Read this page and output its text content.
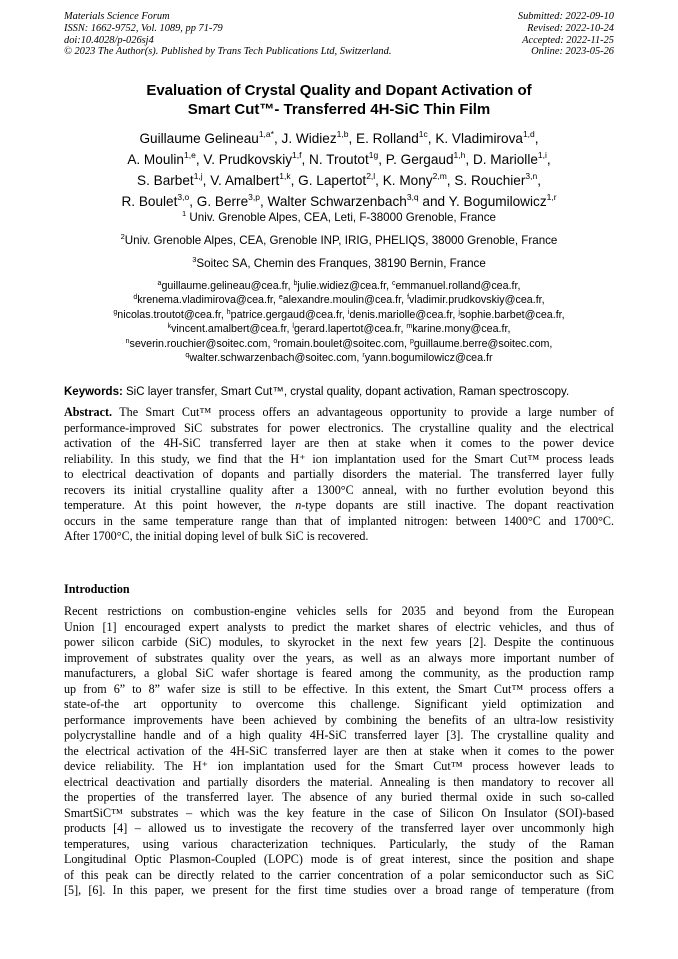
Materials Science Forum
ISSN: 1662-9752, Vol. 1089, pp 71-79
doi:10.4028/p-026sj4
© 2023 The Author(s). Published by Trans Tech Publications Ltd, Switzerland.
Submitted: 2022-09-10
Revised: 2022-10-24
Accepted: 2022-11-25
Online: 2023-05-26
Evaluation of Crystal Quality and Dopant Activation of
Smart Cut™- Transferred 4H-SiC Thin Film
Guillaume Gelineau$^{1,a*}$, J. Widiez$^{1,b}$, E. Rolland$^{1c}$, K. Vladimirova$^{1,d}$,
A. Moulin$^{1,e}$, V. Prudkovskiy$^{1,f}$, N. Troutot$^{1g}$, P. Gergaud$^{1,h}$, D. Mariolle$^{1,i}$,
S. Barbet$^{1,j}$, V. Amalbert$^{1,k}$, G. Lapertot$^{2,l}$, K. Mony$^{2,m}$, S. Rouchier$^{3,n}$,
R. Boulet$^{3,o}$, G. Berre$^{3,p}$, Walter Schwarzenbach$^{3,q}$ and Y. Bogumilowicz$^{1,r}$
$^1$ Univ. Grenoble Alpes, CEA, Leti, F-38000 Grenoble, France
$^2$Univ. Grenoble Alpes, CEA, Grenoble INP, IRIG, PHELIQS, 38000 Grenoble, France
$^3$Soitec SA, Chemin des Franques, 38190 Bernin, France
$^a$guillaume.gelineau@cea.fr, $^b$julie.widiez@cea.fr, $^c$emmanuel.rolland@cea.fr,
$^d$krenema.vladimirova@cea.fr, $^e$alexandre.moulin@cea.fr, $^f$vladimir.prudkovskiy@cea.fr,
$^g$nicolas.troutot@cea.fr, $^h$patrice.gergaud@cea.fr, $^i$denis.mariolle@cea.fr, $^j$sophie.barbet@cea.fr,
$^k$vincent.amalbert@cea.fr, $^l$gerard.lapertot@cea.fr, $^m$karine.mony@cea.fr,
$^n$severin.rouchier@soitec.com, $^o$romain.boulet@soitec.com, $^p$guillaume.berre@soitec.com,
$^q$walter.schwarzenbach@soitec.com, $^r$yann.bogumilowicz@cea.fr
Keywords: SiC layer transfer, Smart Cut™, crystal quality, dopant activation, Raman spectroscopy.
Abstract. The Smart Cut™ process offers an advantageous opportunity to provide a large number of
performance-improved SiC substrates for power electronics. The crystalline quality and the electrical
activation of the 4H-SiC transferred layer are then at stake when it comes to the power device
reliability. In this study, we find that the H⁺ ion implantation used for the Smart Cut™ process leads
to electrical deactivation of dopants and partially disorders the material. The transferred layer fully
recovers its initial crystalline quality after a 1300°C anneal, with no further evolution beyond this
temperature. At this point however, the n-type dopants are still inactive. The dopant reactivation
occurs in the same temperature range than that of implanted nitrogen: between 1400°C and 1700°C.
After 1700°C, the initial doping level of bulk SiC is recovered.
Introduction
Recent restrictions on combustion-engine vehicles sells for 2035 and beyond from the European
Union [1] encouraged expert analysts to predict the market shares of electric vehicles, and thus of
power silicon carbide (SiC) modules, to skyrocket in the next few years [2]. Despite the continuous
improvement of substrates quality over the years, as well as an always more important number of
manufacturers, a global SiC wafer shortage is feared among the community, as the production ramp
up from 6” to 8” wafer size is still to be effective. In this extent, the Smart Cut™ process offers a
state-of-the art opportunity to overcome this challenge. Significant yield optimization and
performance improvements have been achieved by combining the benefits of an ultra-low resistivity
polycrystalline handle and of a high quality 4H-SiC transferred layer [3]. The crystalline quality and
the electrical activation of the 4H-SiC transferred layer are then at stake when it comes to the power
device reliability. The H⁺ ion implantation used for the Smart Cut™ process however leads to
electrical deactivation and partially disorders the material. Annealing is then mandatory to recover all
the properties of the transferred layer. The absence of any buried thermal oxide in such so-called
SmartSiC™ substrates – which was the key feature in the case of Silicon On Insulator (SOI)-based
products [4] – allowed us to investigate the recovery of the transferred layer over uncommonly high
temperatures, using various characterization techniques. Particularly, the study of the Raman
Longitudinal Optic Plasmon-Coupled (LOPC) mode is of great interest, since the position and shape
of this peak can be directly related to the carrier concentration of a polar semiconductor such as SiC
[5], [6]. In this paper, we present for the first time studies over a broad range of temperature (from
